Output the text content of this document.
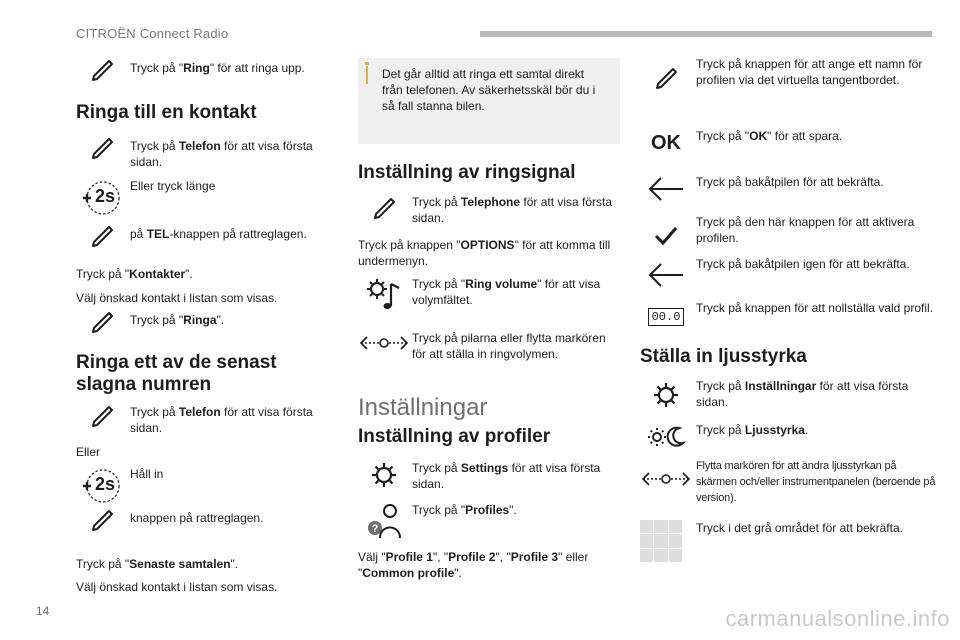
CITROËN Connect Radio
Tryck på "Ring" för att ringa upp.
Ringa till en kontakt
Tryck på Telefon för att visa första sidan.
2s Eller tryck länge
på TEL-knappen på rattreglagen.
Tryck på "Kontakter".
Välj önskad kontakt i listan som visas.
Tryck på "Ringa".
Ringa ett av de senast slagna numren
Tryck på Telefon för att visa första sidan.
Eller
2s Håll in
knappen på rattreglagen.
Tryck på "Senaste samtalen".
Välj önskad kontakt i listan som visas.
Det går alltid att ringa ett samtal direkt från telefonen. Av säkerhetsskäl bör du i så fall stanna bilen.
Inställning av ringsignal
Tryck på Telephone för att visa första sidan.
Tryck på knappen "OPTIONS" för att komma till undermenyn.
Tryck på "Ring volume" för att visa volymfältet.
Tryck på pilarna eller flytta markören för att ställa in ringvolymen.
Inställningar
Inställning av profiler
Tryck på Settings för att visa första sidan.
?
Tryck på "Profiles".
Välj "Profile 1", "Profile 2", "Profile 3" eller "Common profile".
Tryck på knappen för att ange ett namn för profilen via det virtuella tangentbordet.
OK Tryck på "OK" för att spara.
Tryck på bakåtpilen för att bekräfta.
Tryck på den här knappen för att aktivera profilen.
Tryck på bakåtpilen igen för att bekräfta.
00.0
Tryck på knappen för att nollställa vald profil.
Ställa in ljusstyrka
Tryck på Inställningar för att visa första sidan.
Tryck på Ljusstyrka.
Flytta markören för att ändra ljusstyrkan på skärmen och/eller instrumentpanelen (beroende på version).
Tryck i det grå området för att bekräfta.
14	carmanualsonline.info
